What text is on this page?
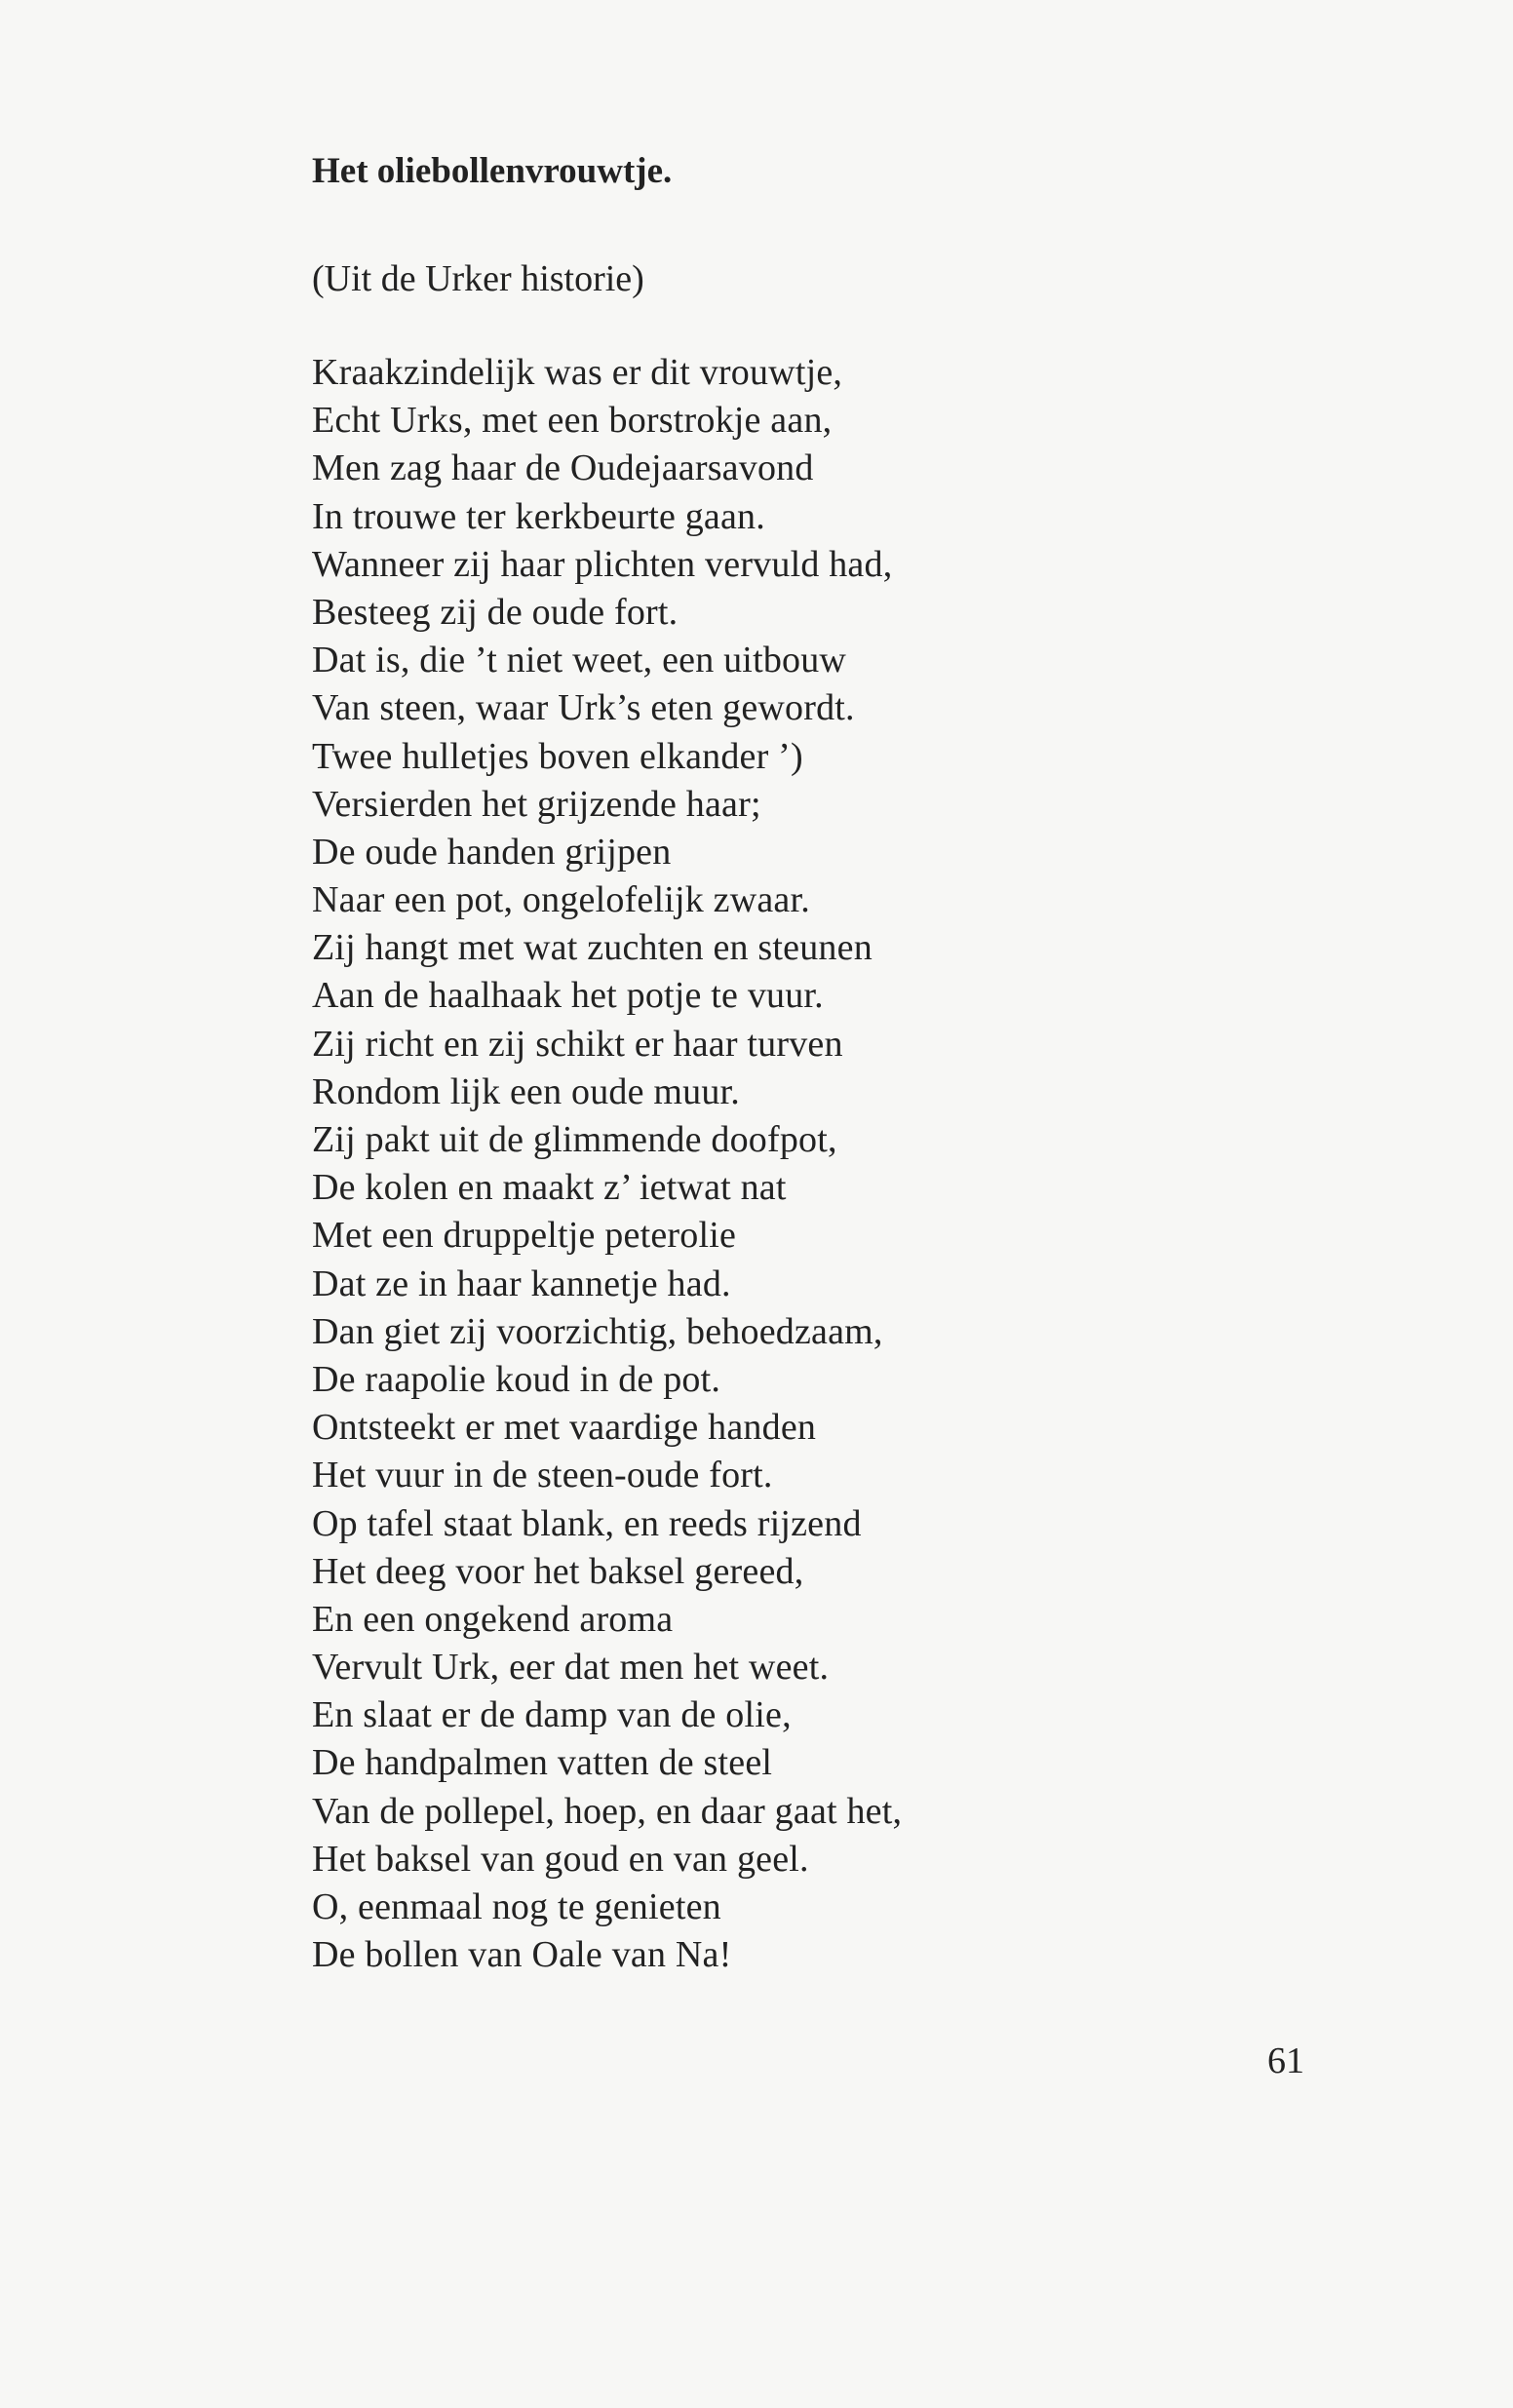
Het oliebollenvrouwtje.
(Uit de Urker historie)
Kraakzindelijk was er dit vrouwtje,
Echt Urks, met een borstrokje aan,
Men zag haar de Oudejaarsavond
In trouwe ter kerkbeurte gaan.
Wanneer zij haar plichten vervuld had,
Besteeg zij de oude fort.
Dat is, die ’t niet weet, een uitbouw
Van steen, waar Urk’s eten gewordt.
Twee hulletjes boven elkander ’)
Versierden het grijzende haar;
De oude handen grijpen
Naar een pot, ongelofelijk zwaar.
Zij hangt met wat zuchten en steunen
Aan de haalhaak het potje te vuur.
Zij richt en zij schikt er haar turven
Rondom lijk een oude muur.
Zij pakt uit de glimmende doofpot,
De kolen en maakt z’ ietwat nat
Met een druppeltje peterolie
Dat ze in haar kannetje had.
Dan giet zij voorzichtig, behoedzaam,
De raapolie koud in de pot.
Ontsteekt er met vaardige handen
Het vuur in de steen-oude fort.
Op tafel staat blank, en reeds rijzend
Het deeg voor het baksel gereed,
En een ongekend aroma
Vervult Urk, eer dat men het weet.
En slaat er de damp van de olie,
De handpalmen vatten de steel
Van de pollepel, hoep, en daar gaat het,
Het baksel van goud en van geel.
O, eenmaal nog te genieten
De bollen van Oale van Na!
61
